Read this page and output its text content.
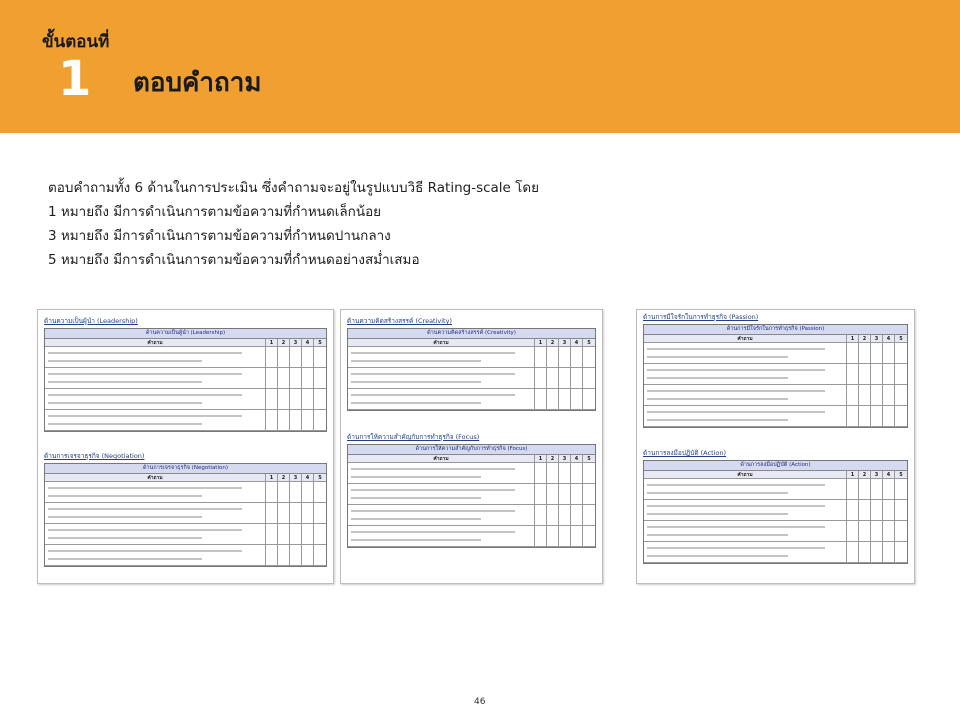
ขั้นตอนที่
1 ตอบคำถาม
ตอบคำถามทั้ง 6 ด้านในการประเมิน ซึ่งคำถามจะอยู่ในรูปแบบวิธี Rating-scale โดย
1 หมายถึง มีการดำเนินการตามข้อความที่กำหนดเล็กน้อย
3 หมายถึง มีการดำเนินการตามข้อความที่กำหนดปานกลาง
5 หมายถึง มีการดำเนินการตามข้อความที่กำหนดอย่างสม่ำเสมอ
ด้านความเป็นผู้นำ (Leadership)
ด้านความเป็นผู้นำ (Leadership)
คำถาม	1	2	3	4	5
ด้านการเจรจาธุรกิจ (Negotiation)
ด้านการเจรจาธุรกิจ (Negotiation)
คำถาม	1	2	3	4	5
ด้านความคิดสร้างสรรค์ (Creativity)
ด้านความคิดสร้างสรรค์ (Creativity)
คำถาม	1	2	3	4	5
ด้านการให้ความสำคัญกับการทำธุรกิจ (Focus)
ด้านการให้ความสำคัญกับการทำธุรกิจ (Focus)
คำถาม	1	2	3	4	5
ด้านการมีใจรักในการทำธุรกิจ (Passion)
ด้านการมีใจรักในการทำธุรกิจ (Passion)
คำถาม	1	2	3	4	5
ด้านการลงมือปฏิบัติ (Action)
ด้านการลงมือปฏิบัติ (Action)
คำถาม	1	2	3	4	5
46
